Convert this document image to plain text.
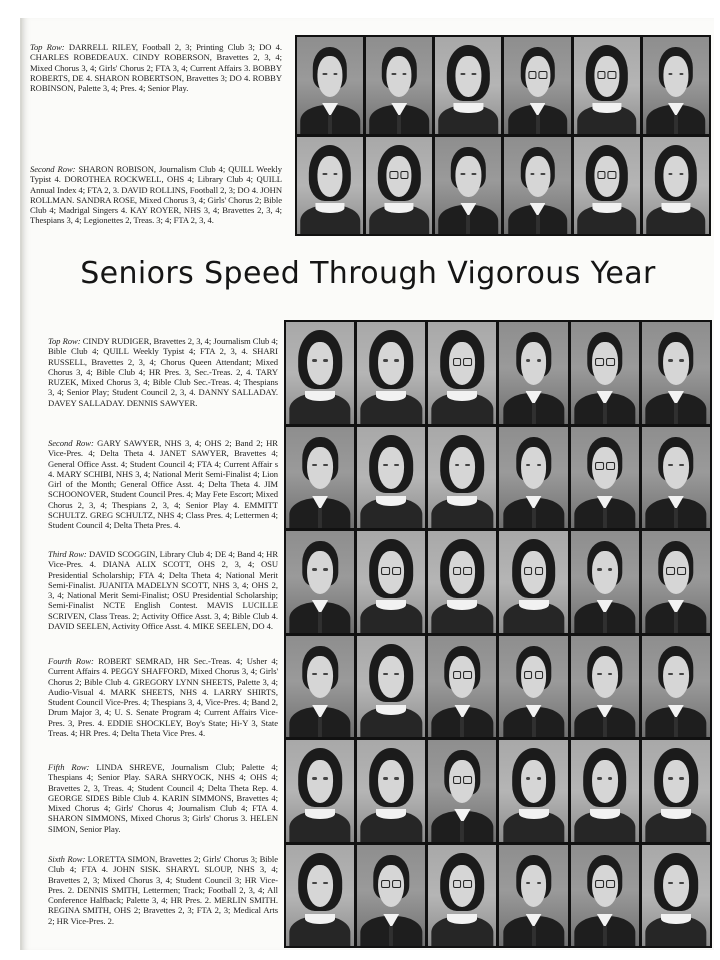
Top Row: DARRELL RILEY, Football 2, 3; Printing Club 3; DO 4. CHARLES ROBEDEAUX. CINDY ROBERSON, Bravettes 2, 3, 4; Mixed Chorus 3, 4; Girls' Chorus 2; FTA 3, 4; Current Affairs 3. BOBBY ROBERTS, DE 4. SHARON ROBERTSON, Bravettes 3; DO 4. ROBBY ROBINSON, Palette 3, 4; Pres. 4; Senior Play.
Second Row: SHARON ROBISON, Journalism Club 4; QUILL Weekly Typist 4. DOROTHEA ROCKWELL, OHS 4; Library Club 4; QUILL Annual Index 4; FTA 2, 3. DAVID ROLLINS, Football 2, 3; DO 4. JOHN ROLLMAN. SANDRA ROSE, Mixed Chorus 3, 4; Girls' Chorus 2; Bible Club 4; Madrigal Singers 4. KAY ROYER, NHS 3, 4; Bravettes 2, 3, 4; Thespians 3, 4; Legionettes 2, Treas. 3; 4; FTA 2, 3, 4.
Seniors Speed Through Vigorous Year
Top Row: CINDY RUDIGER, Bravettes 2, 3, 4; Journalism Club 4; Bible Club 4; QUILL Weekly Typist 4; FTA 2, 3, 4. SHARI RUSSELL, Bravettes 2, 3, 4; Chorus Queen Attendant; Mixed Chorus 3, 4; Bible Club 4; HR Pres. 3, Sec.-Treas. 2, 4. TARY RUZEK, Mixed Chorus 3, 4; Bible Club Sec.-Treas. 4; Thespians 3, 4; Senior Play; Student Council 2, 3, 4. DANNY SALLADAY. DAVEY SALLADAY. DENNIS SAWYER.
Second Row: GARY SAWYER, NHS 3, 4; OHS 2; Band 2; HR Vice-Pres. 4; Delta Theta 4. JANET SAWYER, Bravettes 4; General Office Asst. 4; Student Council 4; FTA 4; Current Affair s 4. MARY SCHIBI, NHS 3, 4; National Merit Semi-Finalist 4; Lion Girl of the Month; General Office Asst. 4; Delta Theta 4. JIM SCHOONOVER, Student Council Pres. 4; May Fete Escort; Mixed Chorus 2, 3, 4; Thespians 2, 3, 4; Senior Play 4. EMMITT SCHULTZ. GREG SCHULTZ, NHS 4; Class Pres. 4; Lettermen 4; Student Council 4; Delta Theta Pres. 4.
Third Row: DAVID SCOGGIN, Library Club 4; DE 4; Band 4; HR Vice-Pres. 4. DIANA ALIX SCOTT, OHS 2, 3, 4; OSU Presidential Scholarship; FTA 4; Delta Theta 4; National Merit Semi-Finalist. JUANITA MADELYN SCOTT, NHS 3, 4; OHS 2, 3, 4; National Merit Semi-Finalist; OSU Presidential Scholarship; Semi-Finalist NCTE English Contest. MAVIS LUCILLE SCRIVEN, Class Treas. 2; Activity Office Asst. 3, 4; Bible Club 4. DAVID SEELEN, Activity Office Asst. 4. MIKE SEELEN, DO 4.
Fourth Row: ROBERT SEMRAD, HR Sec.-Treas. 4; Usher 4; Current Affairs 4. PEGGY SHAFFORD, Mixed Chorus 3, 4; Girls' Chorus 2; Bible Club 4. GREGORY LYNN SHEETS, Palette 3, 4; Audio-Visual 4. MARK SHEETS, NHS 4. LARRY SHIRTS, Student Council Vice-Pres. 4; Thespians 3, 4, Vice-Pres. 4; Band 2, Drum Major 3, 4; U. S. Senate Program 4; Current Affairs Vice-Pres. 3, Pres. 4. EDDIE SHOCKLEY, Boy's State; Hi-Y 3, State Treas. 4; HR Pres. 4; Delta Theta Vice Pres. 4.
Fifth Row: LINDA SHREVE, Journalism Club; Palette 4; Thespians 4; Senior Play. SARA SHRYOCK, NHS 4; OHS 4; Bravettes 2, 3, Treas. 4; Student Council 4; Delta Theta Rep. 4. GEORGE SIDES Bible Club 4. KARIN SIMMONS, Bravettes 4; Mixed Chorus 4; Girls' Chorus 4; Journalism Club 4; FTA 4. SHARON SIMMONS, Mixed Chorus 3; Girls' Chorus 3. HELEN SIMON, Senior Play.
Sixth Row: LORETTA SIMON, Bravettes 2; Girls' Chorus 3; Bible Club 4; FTA 4. JOHN SISK. SHARYL SLOUP, NHS 3, 4; Bravettes 2, 3; Mixed Chorus 3, 4; Student Council 3; HR Vice-Pres. 2. DENNIS SMITH, Lettermen; Track; Football 2, 3, 4; All Conference Halfback; Palette 3, 4; HR Pres. 2. MERLIN SMITH. REGINA SMITH, OHS 2; Bravettes 2, 3; FTA 2, 3; Medical Arts 2; HR Vice-Pres. 2.
